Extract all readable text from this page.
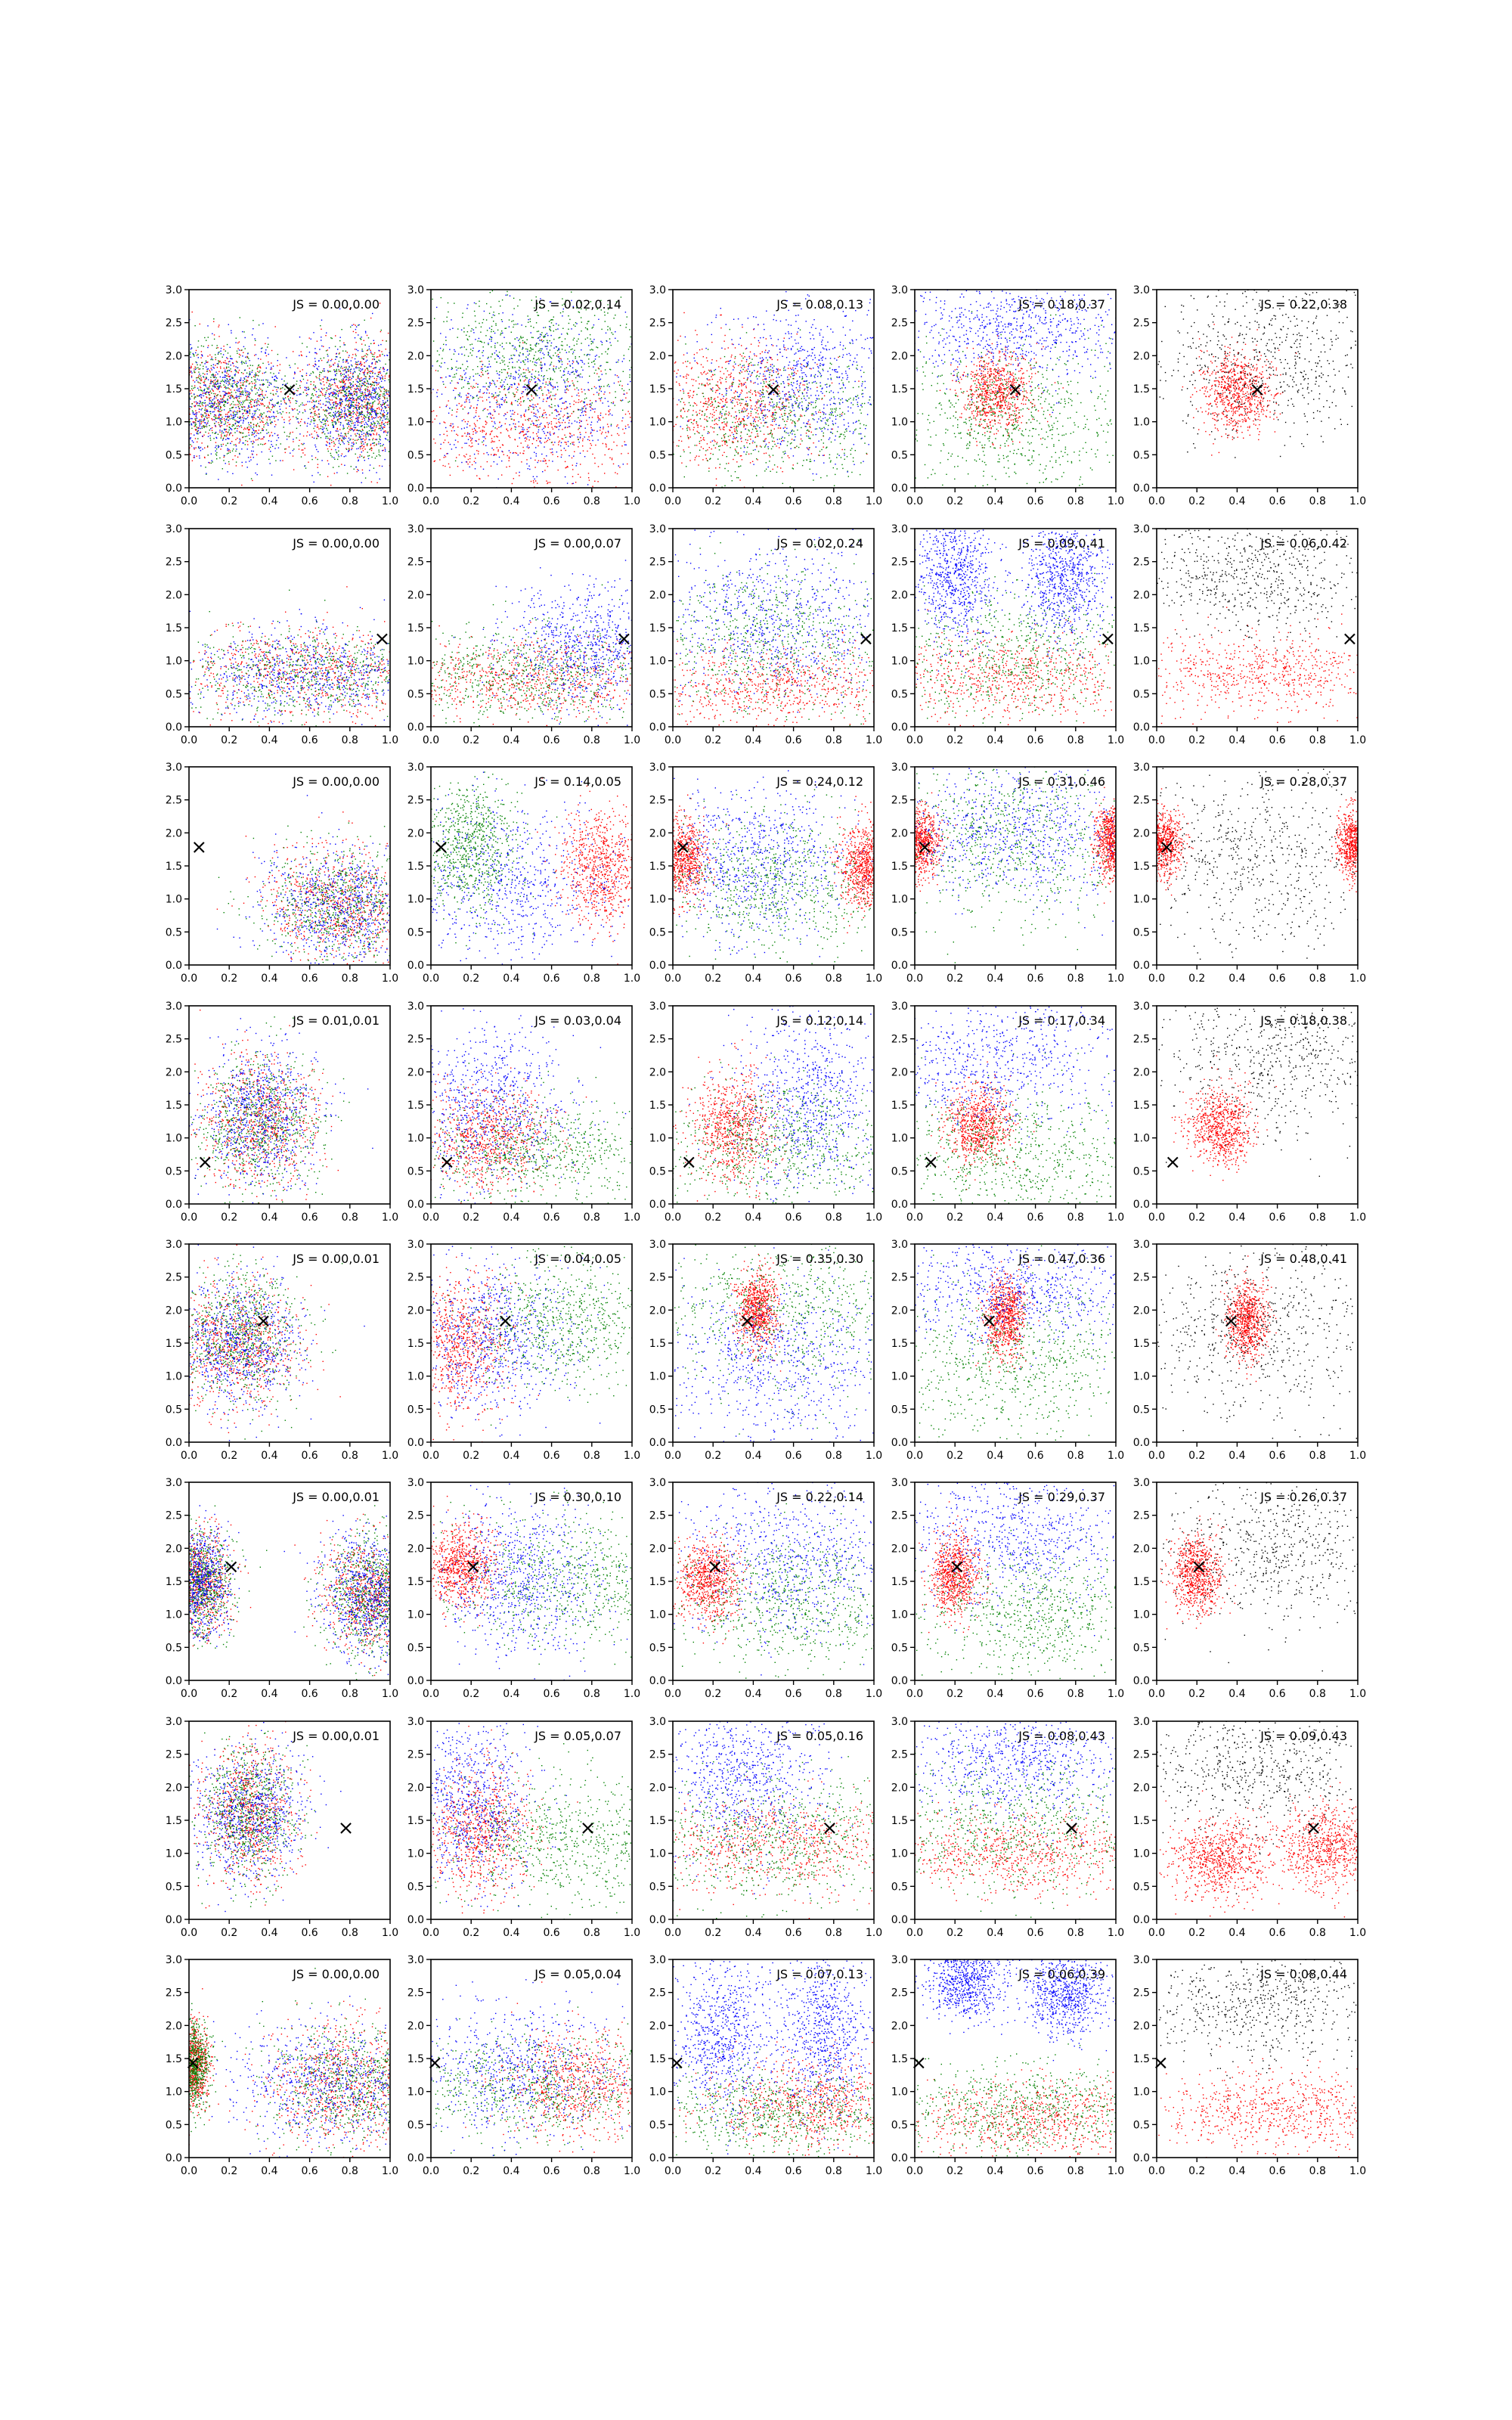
0.0 0.2 0.4 0.6 0.8 1.0
0.0
0.5
1.0
1.5
2.0
2.5
3.0
×
JS = 0.00,0.00
0.0 0.2 0.4 0.6 0.8 1.0
0.0
0.5
1.0
1.5
2.0
2.5
3.0
×
JS = 0.02,0.14
0.0 0.2 0.4 0.6 0.8 1.0
0.0
0.5
1.0
1.5
2.0
2.5
3.0
×
JS = 0.08,0.13
0.0 0.2 0.4 0.6 0.8 1.0
0.0
0.5
1.0
1.5
2.0
2.5
3.0
×
JS = 0.18,0.37
0.0 0.2 0.4 0.6 0.8 1.0
0.0
0.5
1.0
1.5
2.0
2.5
3.0
×
JS = 0.22,0.38
0.0 0.2 0.4 0.6 0.8 1.0
0.0
0.5
1.0
1.5
2.0
2.5
3.0
×
JS = 0.00,0.00
0.0 0.2 0.4 0.6 0.8 1.0
0.0
0.5
1.0
1.5
2.0
2.5
3.0
×
JS = 0.00,0.07
0.0 0.2 0.4 0.6 0.8 1.0
0.0
0.5
1.0
1.5
2.0
2.5
3.0
×
JS = 0.02,0.24
0.0 0.2 0.4 0.6 0.8 1.0
0.0
0.5
1.0
1.5
2.0
2.5
3.0
×
JS = 0.09,0.41
0.0 0.2 0.4 0.6 0.8 1.0
0.0
0.5
1.0
1.5
2.0
2.5
3.0
×
JS = 0.06,0.42
0.0 0.2 0.4 0.6 0.8 1.0
0.0
0.5
1.0
1.5
2.0
2.5
3.0
×
JS = 0.00,0.00
0.0 0.2 0.4 0.6 0.8 1.0
0.0
0.5
1.0
1.5
2.0
2.5
3.0
×
JS = 0.14,0.05
0.0 0.2 0.4 0.6 0.8 1.0
0.0
0.5
1.0
1.5
2.0
2.5
3.0
×
JS = 0.24,0.12
0.0 0.2 0.4 0.6 0.8 1.0
0.0
0.5
1.0
1.5
2.0
2.5
3.0
×
JS = 0.31,0.46
0.0 0.2 0.4 0.6 0.8 1.0
0.0
0.5
1.0
1.5
2.0
2.5
3.0
×
JS = 0.28,0.37
0.0 0.2 0.4 0.6 0.8 1.0
0.0
0.5
1.0
1.5
2.0
2.5
3.0
×
JS = 0.01,0.01
0.0 0.2 0.4 0.6 0.8 1.0
0.0
0.5
1.0
1.5
2.0
2.5
3.0
×
JS = 0.03,0.04
0.0 0.2 0.4 0.6 0.8 1.0
0.0
0.5
1.0
1.5
2.0
2.5
3.0
×
JS = 0.12,0.14
0.0 0.2 0.4 0.6 0.8 1.0
0.0
0.5
1.0
1.5
2.0
2.5
3.0
×
JS = 0.17,0.34
0.0 0.2 0.4 0.6 0.8 1.0
0.0
0.5
1.0
1.5
2.0
2.5
3.0
×
JS = 0.18,0.38
0.0 0.2 0.4 0.6 0.8 1.0
0.0
0.5
1.0
1.5
2.0
2.5
3.0
×
JS = 0.00,0.01
0.0 0.2 0.4 0.6 0.8 1.0
0.0
0.5
1.0
1.5
2.0
2.5
3.0
×
JS = 0.04,0.05
0.0 0.2 0.4 0.6 0.8 1.0
0.0
0.5
1.0
1.5
2.0
2.5
3.0
×
JS = 0.35,0.30
0.0 0.2 0.4 0.6 0.8 1.0
0.0
0.5
1.0
1.5
2.0
2.5
3.0
×
JS = 0.47,0.36
0.0 0.2 0.4 0.6 0.8 1.0
0.0
0.5
1.0
1.5
2.0
2.5
3.0
×
JS = 0.48,0.41
0.0 0.2 0.4 0.6 0.8 1.0
0.0
0.5
1.0
1.5
2.0
2.5
3.0
×
JS = 0.00,0.01
0.0 0.2 0.4 0.6 0.8 1.0
0.0
0.5
1.0
1.5
2.0
2.5
3.0
×
JS = 0.30,0.10
0.0 0.2 0.4 0.6 0.8 1.0
0.0
0.5
1.0
1.5
2.0
2.5
3.0
×
JS = 0.22,0.14
0.0 0.2 0.4 0.6 0.8 1.0
0.0
0.5
1.0
1.5
2.0
2.5
3.0
×
JS = 0.29,0.37
0.0 0.2 0.4 0.6 0.8 1.0
0.0
0.5
1.0
1.5
2.0
2.5
3.0
×
JS = 0.26,0.37
0.0 0.2 0.4 0.6 0.8 1.0
0.0
0.5
1.0
1.5
2.0
2.5
3.0
×
JS = 0.00,0.01
0.0 0.2 0.4 0.6 0.8 1.0
0.0
0.5
1.0
1.5
2.0
2.5
3.0
×
JS = 0.05,0.07
0.0 0.2 0.4 0.6 0.8 1.0
0.0
0.5
1.0
1.5
2.0
2.5
3.0
×
JS = 0.05,0.16
0.0 0.2 0.4 0.6 0.8 1.0
0.0
0.5
1.0
1.5
2.0
2.5
3.0
×
JS = 0.08,0.43
0.0 0.2 0.4 0.6 0.8 1.0
0.0
0.5
1.0
1.5
2.0
2.5
3.0
×
JS = 0.09,0.43
0.0 0.2 0.4 0.6 0.8 1.0
0.0
0.5
1.0
1.5
2.0
2.5
3.0
×
JS = 0.00,0.00
0.0 0.2 0.4 0.6 0.8 1.0
0.0
0.5
1.0
1.5
2.0
2.5
3.0
×
JS = 0.05,0.04
0.0 0.2 0.4 0.6 0.8 1.0
0.0
0.5
1.0
1.5
2.0
2.5
3.0
×
JS = 0.07,0.13
0.0 0.2 0.4 0.6 0.8 1.0
0.0
0.5
1.0
1.5
2.0
2.5
3.0
×
JS = 0.06,0.39
0.0 0.2 0.4 0.6 0.8 1.0
0.0
0.5
1.0
1.5
2.0
2.5
3.0
×
JS = 0.08,0.44
